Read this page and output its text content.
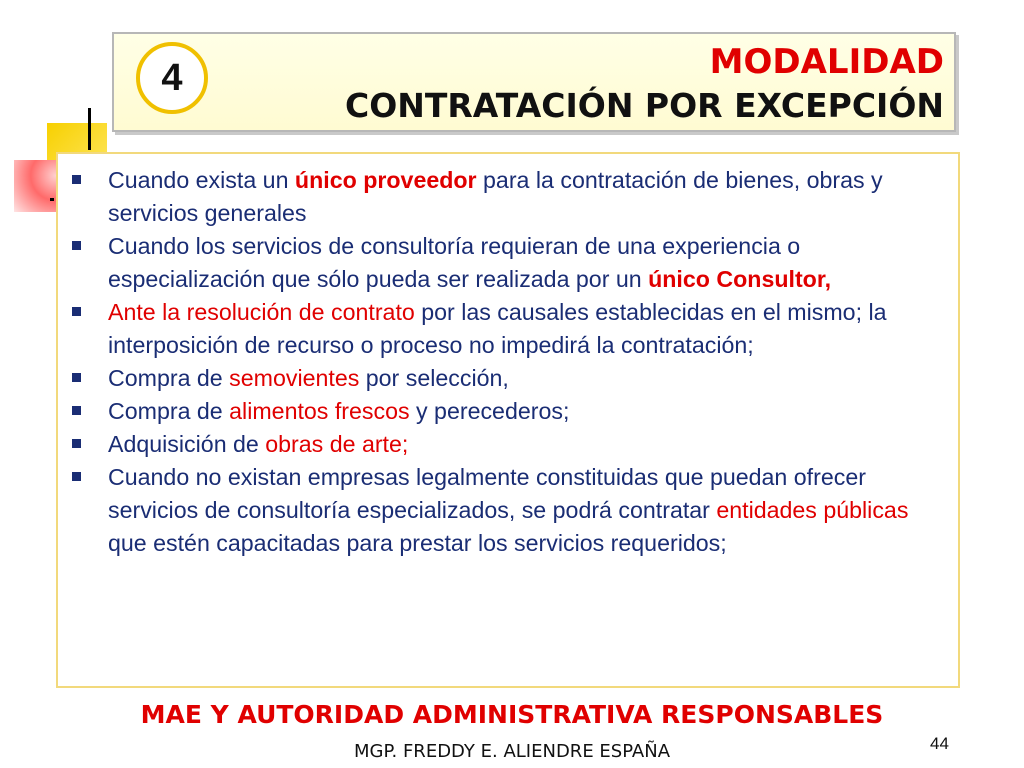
4	MODALIDAD
CONTRATACIÓN POR EXCEPCIÓN
Cuando exista un único proveedor para la contratación de bienes, obras y servicios generales
Cuando los servicios de consultoría requieran de una experiencia o especialización que sólo pueda ser realizada por un único Consultor,
Ante la resolución de contrato por las causales establecidas en el mismo; la interposición de recurso o proceso no impedirá la contratación;
Compra de semovientes por selección,
Compra de alimentos frescos y perecederos;
Adquisición de obras de arte;
Cuando no existan empresas legalmente constituidas que puedan ofrecer servicios de consultoría especializados, se podrá contratar entidades públicas que estén capacitadas para prestar los servicios requeridos;
MAE Y AUTORIDAD ADMINISTRATIVA RESPONSABLES
MGP. FREDDY E. ALIENDRE ESPAÑA	44
